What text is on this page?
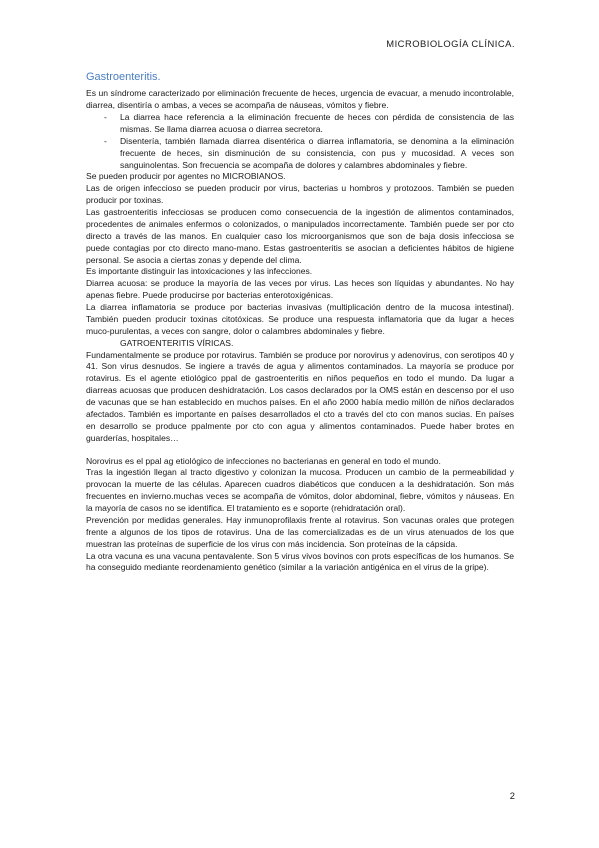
MICROBIOLOGÍA CLÍNICA.
Gastroenteritis.

Es un síndrome caracterizado por eliminación frecuente de heces, urgencia de evacuar, a menudo incontrolable, diarrea, disentiría o ambas, a veces se acompaña de náuseas, vómitos y fiebre.

- La diarrea hace referencia a la eliminación frecuente de heces con pérdida de consistencia de las mismas. Se llama diarrea acuosa o diarrea secretora.
- Disentería, también llamada diarrea disentérica o diarrea inflamatoria, se denomina a la eliminación frecuente de heces, sin disminución de su consistencia, con pus y mucosidad. A veces son sanguinolentas. Son frecuencia se acompaña de dolores y calambres abdominales y fiebre.

Se pueden producir por agentes no MICROBIANOS.

Las de origen infeccioso se pueden producir por virus, bacterias u hombros y protozoos. También se pueden producir por toxinas.

Las gastroenteritis infecciosas se producen como consecuencia de la ingestión de alimentos contaminados, procedentes de animales enfermos o colonizados, o manipulados incorrectamente. También puede ser por cto directo a través de las manos. En cualquier caso los microorganismos que son de baja dosis infecciosa se puede contagias por cto directo mano-mano. Estas gastroenteritis se asocian a deficientes hábitos de higiene personal. Se asocia a ciertas zonas y depende del clima.

Es importante distinguir las intoxicaciones y las infecciones.

Diarrea acuosa: se produce la mayoría de las veces por virus. Las heces son líquidas y abundantes. No hay apenas fiebre. Puede producirse por bacterias enterotoxigénicas.

La diarrea inflamatoria se produce por bacterias invasivas (multiplicación dentro de la mucosa intestinal). También pueden producir toxinas citotóxicas. Se produce una respuesta inflamatoria que da lugar a heces muco-purulentas, a veces con sangre, dolor o calambres abdominales y fiebre.

GATROENTERITIS VÍRICAS.

Fundamentalmente se produce por rotavirus. También se produce por norovirus y adenovirus, con serotipos 40 y 41. Son virus desnudos. Se ingiere a través de agua y alimentos contaminados. La mayoría se produce por rotavirus. Es el agente etiológico ppal de gastroenteritis en niños pequeños en todo el mundo. Da lugar a diarreas acuosas que producen deshidratación. Los casos declarados por la OMS están en descenso por el uso de vacunas que se han establecido en muchos países. En el año 2000 había medio millón de niños declarados afectados. También es importante en países desarrollados el cto a través del cto con manos sucias. En países en desarrollo se produce ppalmente por cto con agua y alimentos contaminados. Puede haber brotes en guarderías, hospitales…

Norovirus es el ppal ag etiológico de infecciones no bacterianas en general en todo el mundo.

Tras la ingestión llegan al tracto digestivo y colonizan la mucosa. Producen un cambio de la permeabilidad y provocan la muerte de las células. Aparecen cuadros diabéticos que conducen a la deshidratación. Son más frecuentes en invierno.muchas veces se acompaña de vómitos, dolor abdominal, fiebre, vómitos y náuseas. En la mayoría de casos no se identifica. El tratamiento es e soporte (rehidratación oral).

Prevención por medidas generales. Hay inmunoprofilaxis frente al rotavirus. Son vacunas orales que protegen frente a algunos de los tipos de rotavirus. Una de las comercializadas es de un virus atenuados de los que muestran las proteínas de superficie de los virus con más incidencia. Son proteínas de la cápsida.

La otra vacuna es una vacuna pentavalente. Son 5 virus vivos bovinos con prots específicas de los humanos. Se ha conseguido mediante reordenamiento genético (similar a la variación antigénica en el virus de la gripe).

2
